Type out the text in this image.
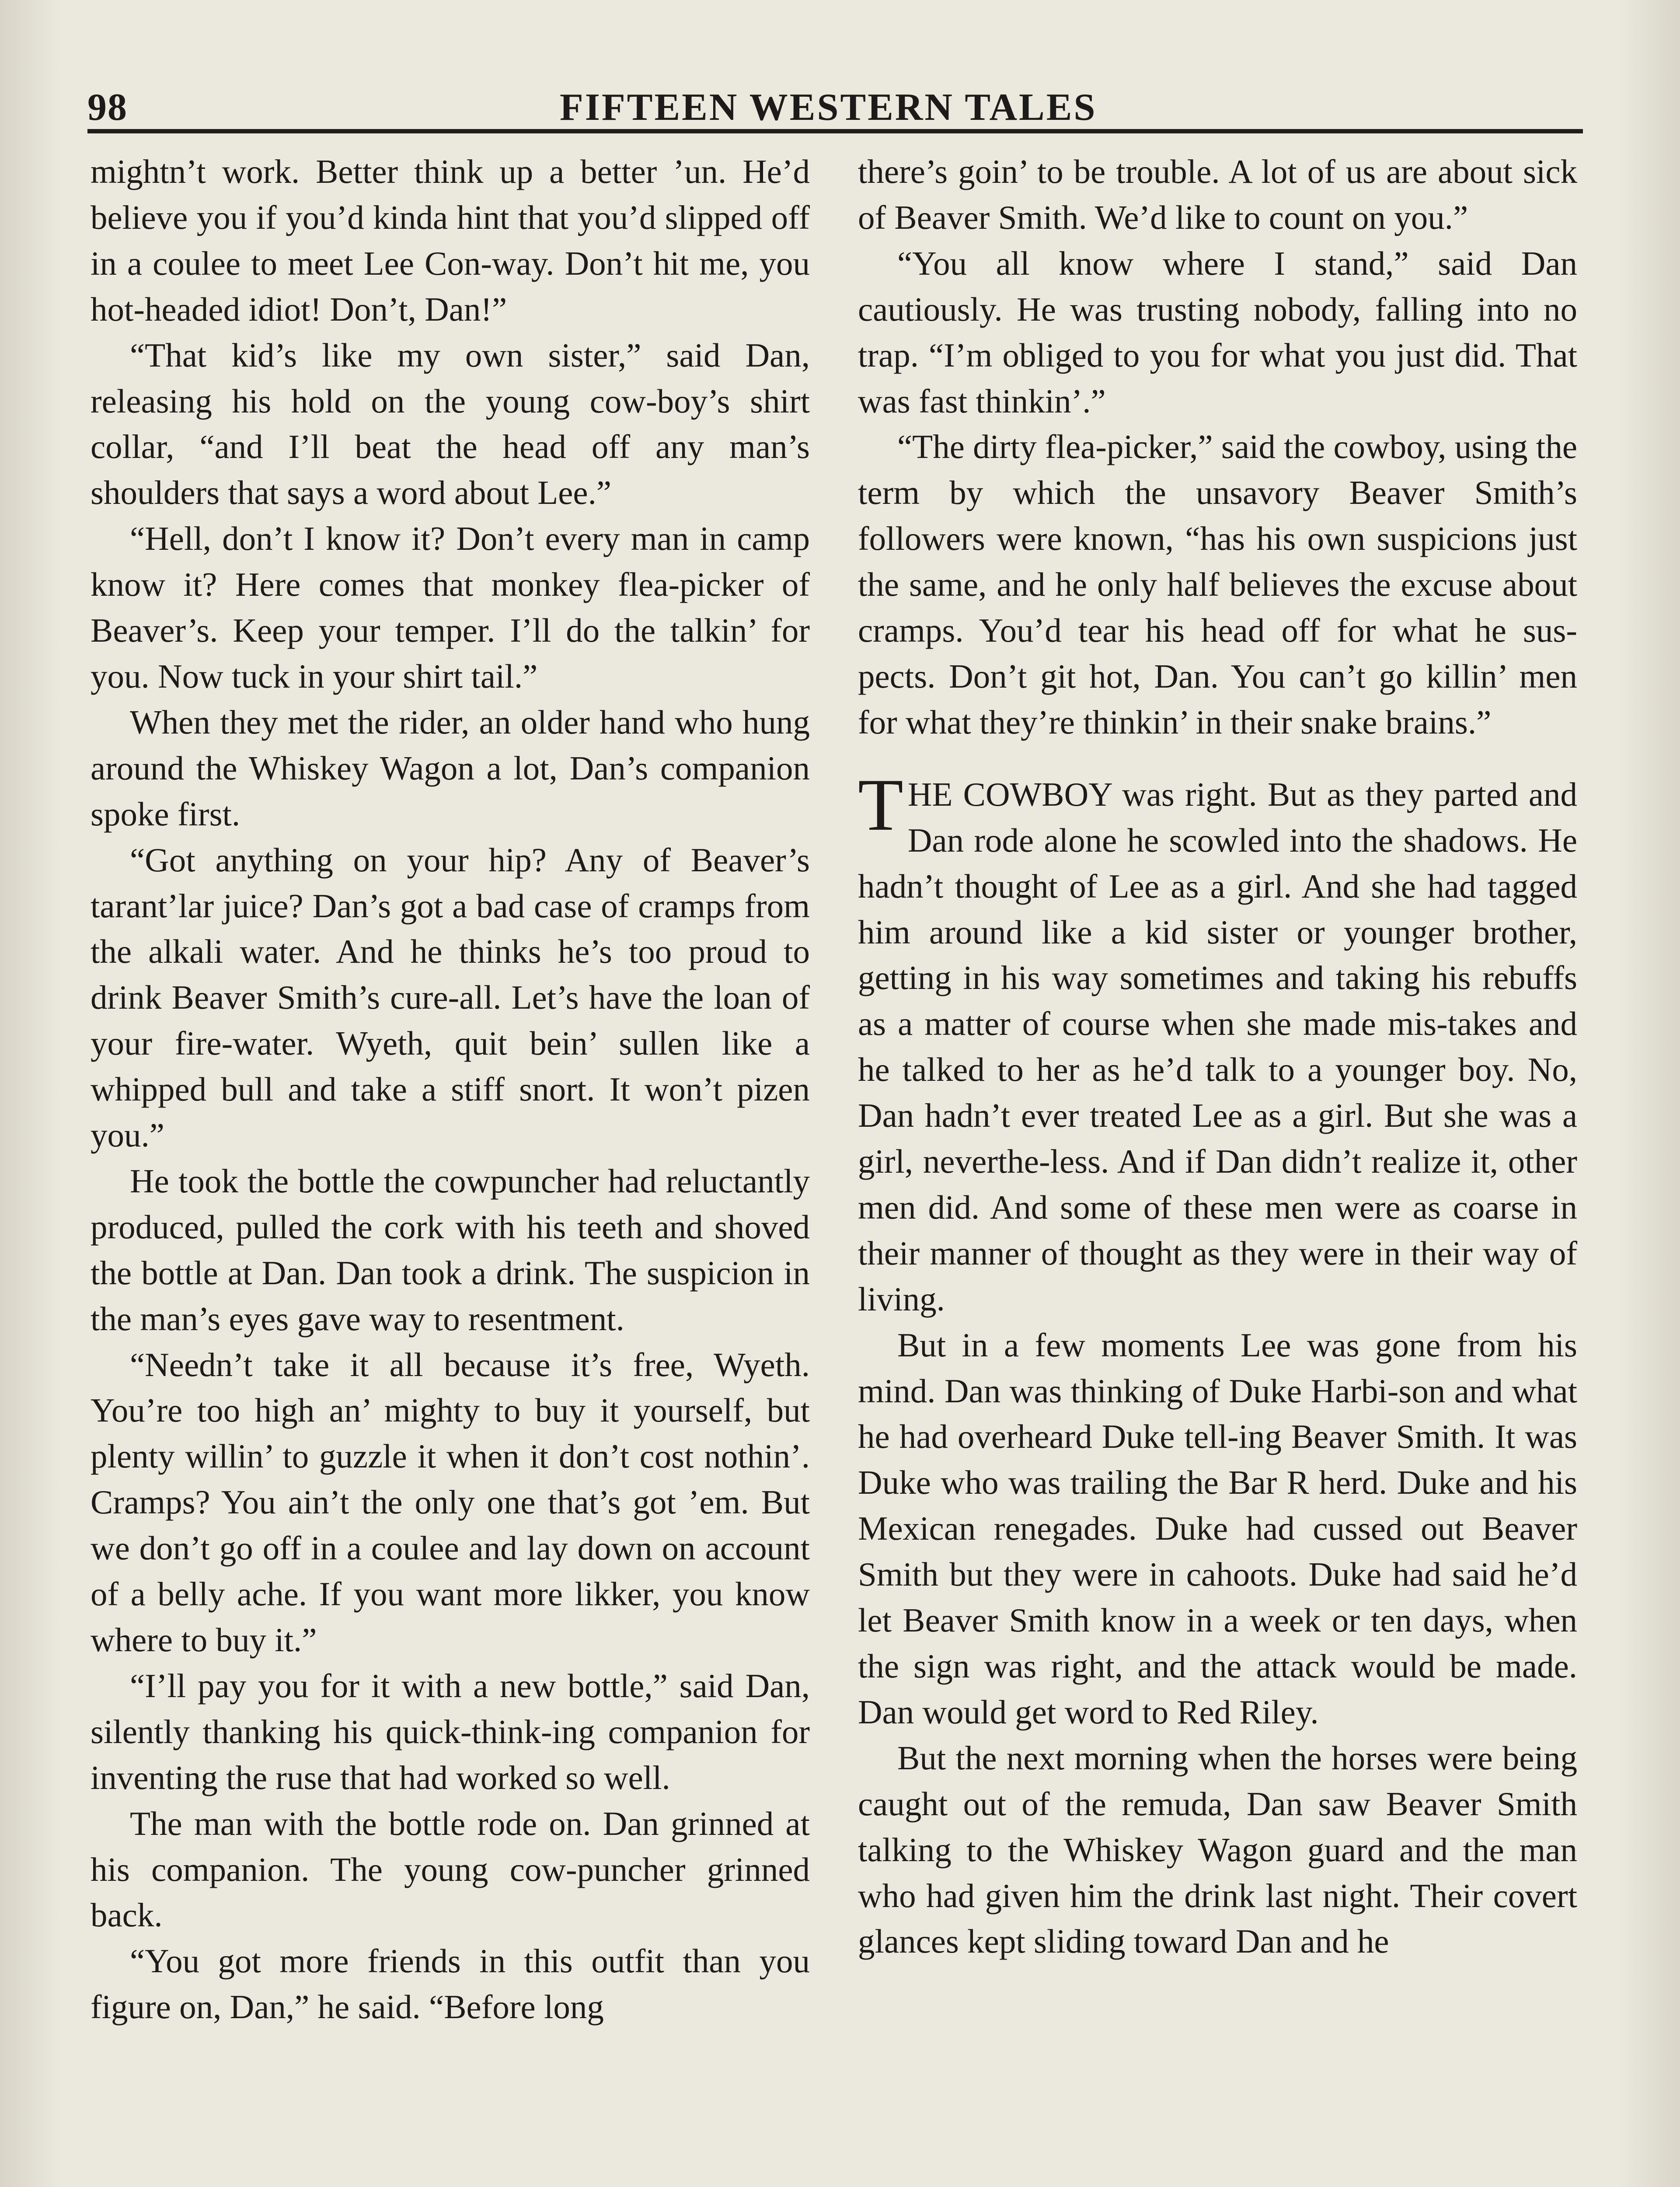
98	FIFTEEN WESTERN TALES

mightn’t work. Better think up a better ’un. He’d believe you if you’d kinda hint that you’d slipped off in a coulee to meet Lee Con-way. Don’t hit me, you hot-headed idiot! Don’t, Dan!”

“That kid’s like my own sister,” said Dan, releasing his hold on the young cow-boy’s shirt collar, “and I’ll beat the head off any man’s shoulders that says a word about Lee.”

“Hell, don’t I know it? Don’t every man in camp know it? Here comes that monkey flea-picker of Beaver’s. Keep your temper. I’ll do the talkin’ for you. Now tuck in your shirt tail.”

When they met the rider, an older hand who hung around the Whiskey Wagon a lot, Dan’s companion spoke first.

“Got anything on your hip? Any of Beaver’s tarant’lar juice? Dan’s got a bad case of cramps from the alkali water. And he thinks he’s too proud to drink Beaver Smith’s cure-all. Let’s have the loan of your fire-water. Wyeth, quit bein’ sullen like a whipped bull and take a stiff snort. It won’t pizen you.”

He took the bottle the cowpuncher had reluctantly produced, pulled the cork with his teeth and shoved the bottle at Dan. Dan took a drink. The suspicion in the man’s eyes gave way to resentment.

“Needn’t take it all because it’s free, Wyeth. You’re too high an’ mighty to buy it yourself, but plenty willin’ to guzzle it when it don’t cost nothin’. Cramps? You ain’t the only one that’s got ’em. But we don’t go off in a coulee and lay down on account of a belly ache. If you want more likker, you know where to buy it.”

“I’ll pay you for it with a new bottle,” said Dan, silently thanking his quick-think-ing companion for inventing the ruse that had worked so well.

The man with the bottle rode on. Dan grinned at his companion. The young cow-puncher grinned back.

“You got more friends in this outfit than you figure on, Dan,” he said. “Before long

there’s goin’ to be trouble. A lot of us are about sick of Beaver Smith. We’d like to count on you.”

“You all know where I stand,” said Dan cautiously. He was trusting nobody, falling into no trap. “I’m obliged to you for what you just did. That was fast thinkin’.”

“The dirty flea-picker,” said the cowboy, using the term by which the unsavory Beaver Smith’s followers were known, “has his own suspicions just the same, and he only half believes the excuse about cramps. You’d tear his head off for what he sus-pects. Don’t git hot, Dan. You can’t go killin’ men for what they’re thinkin’ in their snake brains.”

THE COWBOY was right. But as they parted and Dan rode alone he scowled into the shadows. He hadn’t thought of Lee as a girl. And she had tagged him around like a kid sister or younger brother, getting in his way sometimes and taking his rebuffs as a matter of course when she made mis-takes and he talked to her as he’d talk to a younger boy. No, Dan hadn’t ever treated Lee as a girl. But she was a girl, neverthe-less. And if Dan didn’t realize it, other men did. And some of these men were as coarse in their manner of thought as they were in their way of living.

But in a few moments Lee was gone from his mind. Dan was thinking of Duke Harbi-son and what he had overheard Duke tell-ing Beaver Smith. It was Duke who was trailing the Bar R herd. Duke and his Mexican renegades. Duke had cussed out Beaver Smith but they were in cahoots. Duke had said he’d let Beaver Smith know in a week or ten days, when the sign was right, and the attack would be made. Dan would get word to Red Riley.

But the next morning when the horses were being caught out of the remuda, Dan saw Beaver Smith talking to the Whiskey Wagon guard and the man who had given him the drink last night. Their covert glances kept sliding toward Dan and he
